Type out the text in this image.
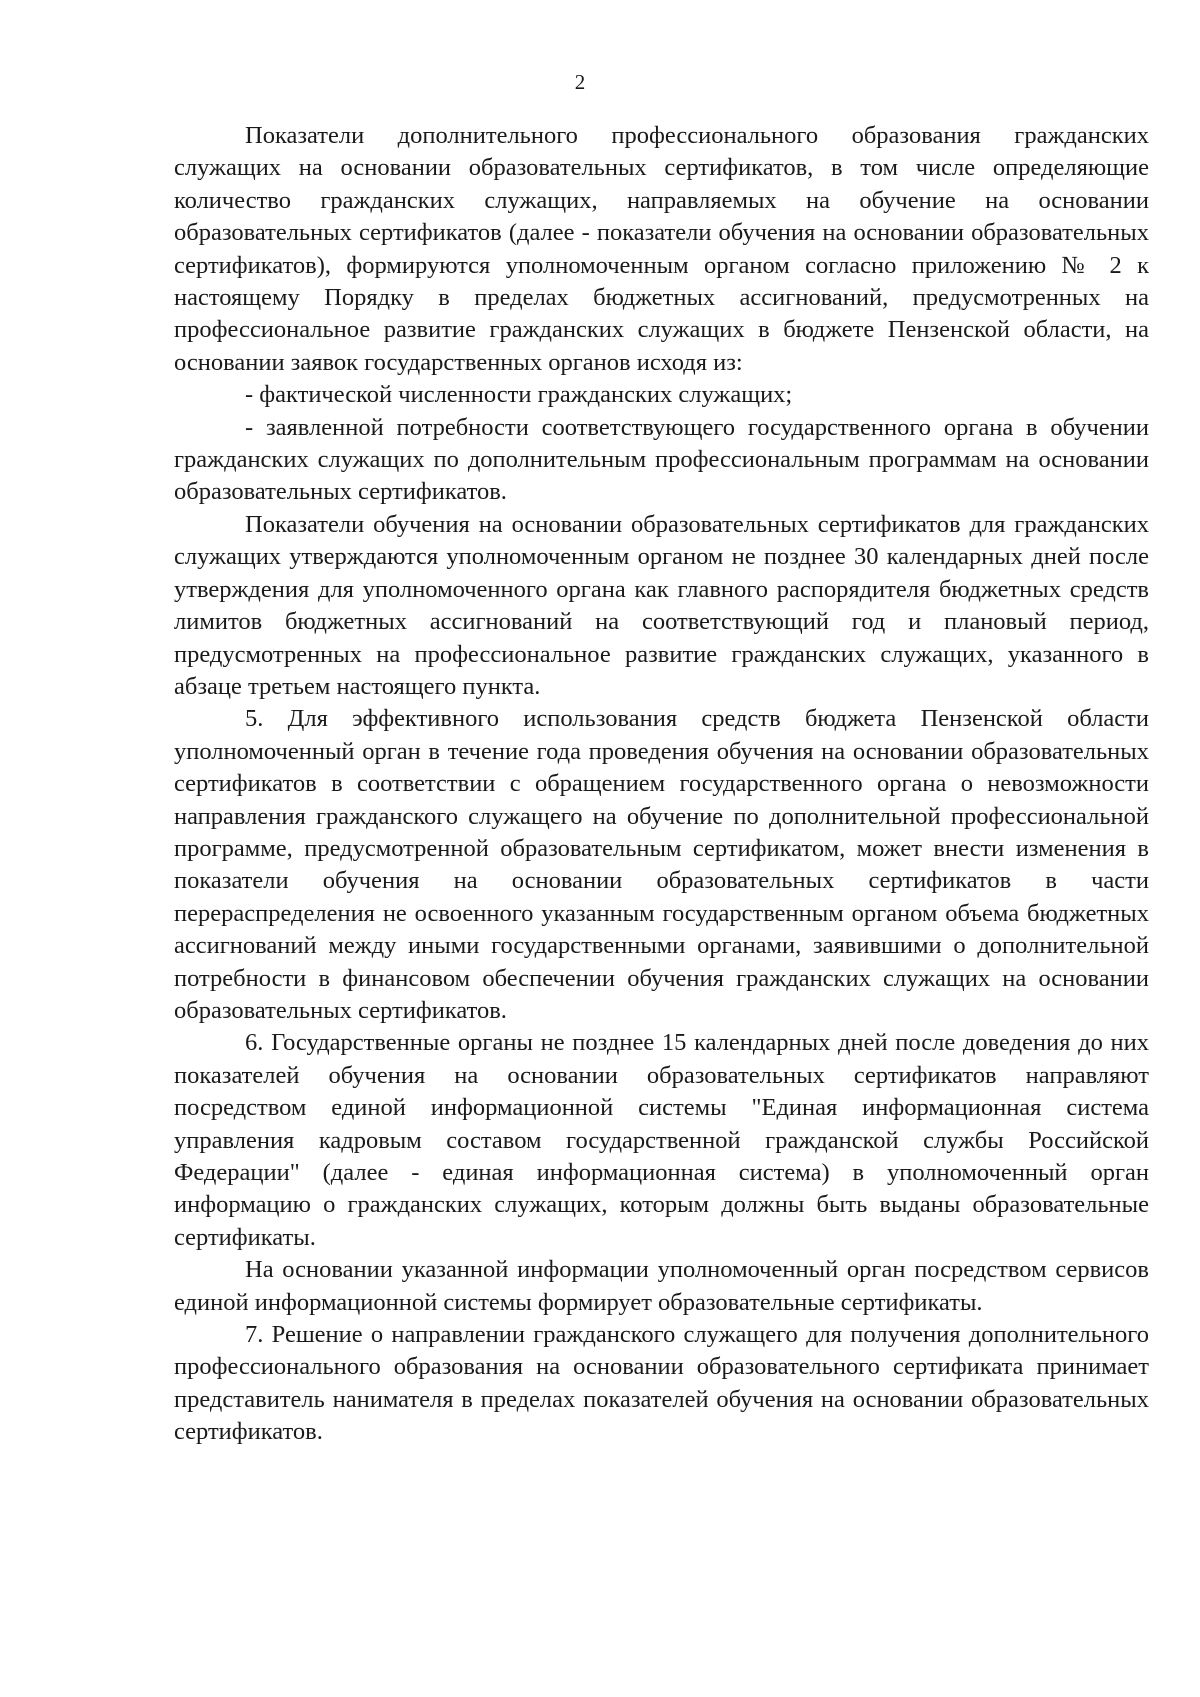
2

Показатели дополнительного профессионального образования гражданских служащих на основании образовательных сертификатов, в том числе определяющие количество гражданских служащих, направляемых на обучение на основании образовательных сертификатов (далее - показатели обучения на основании образовательных сертификатов), формируются уполномоченным органом согласно приложению № 2 к настоящему Порядку в пределах бюджетных ассигнований, предусмотренных на профессиональное развитие гражданских служащих в бюджете Пензенской области, на основании заявок государственных органов исходя из:

- фактической численности гражданских служащих;

- заявленной потребности соответствующего государственного органа в обучении гражданских служащих по дополнительным профессиональным программам на основании образовательных сертификатов.

Показатели обучения на основании образовательных сертификатов для гражданских служащих утверждаются уполномоченным органом не позднее 30 календарных дней после утверждения для уполномоченного органа как главного распорядителя бюджетных средств лимитов бюджетных ассигнований на соответствующий год и плановый период, предусмотренных на профессиональное развитие гражданских служащих, указанного в абзаце третьем настоящего пункта.

5. Для эффективного использования средств бюджета Пензенской области уполномоченный орган в течение года проведения обучения на основании образовательных сертификатов в соответствии с обращением государственного органа о невозможности направления гражданского служащего на обучение по дополнительной профессиональной программе, предусмотренной образовательным сертификатом, может внести изменения в показатели обучения на основании образовательных сертификатов в части перераспределения не освоенного указанным государственным органом объема бюджетных ассигнований между иными государственными органами, заявившими о дополнительной потребности в финансовом обеспечении обучения гражданских служащих на основании образовательных сертификатов.

6. Государственные органы не позднее 15 календарных дней после доведения до них показателей обучения на основании образовательных сертификатов направляют посредством единой информационной системы "Единая информационная система управления кадровым составом государственной гражданской службы Российской Федерации" (далее - единая информационная система) в уполномоченный орган информацию о гражданских служащих, которым должны быть выданы образовательные сертификаты.

На основании указанной информации уполномоченный орган посредством сервисов единой информационной системы формирует образовательные сертификаты.

7. Решение о направлении гражданского служащего для получения дополнительного профессионального образования на основании образовательного сертификата принимает представитель нанимателя в пределах показателей обучения на основании образовательных сертификатов.
